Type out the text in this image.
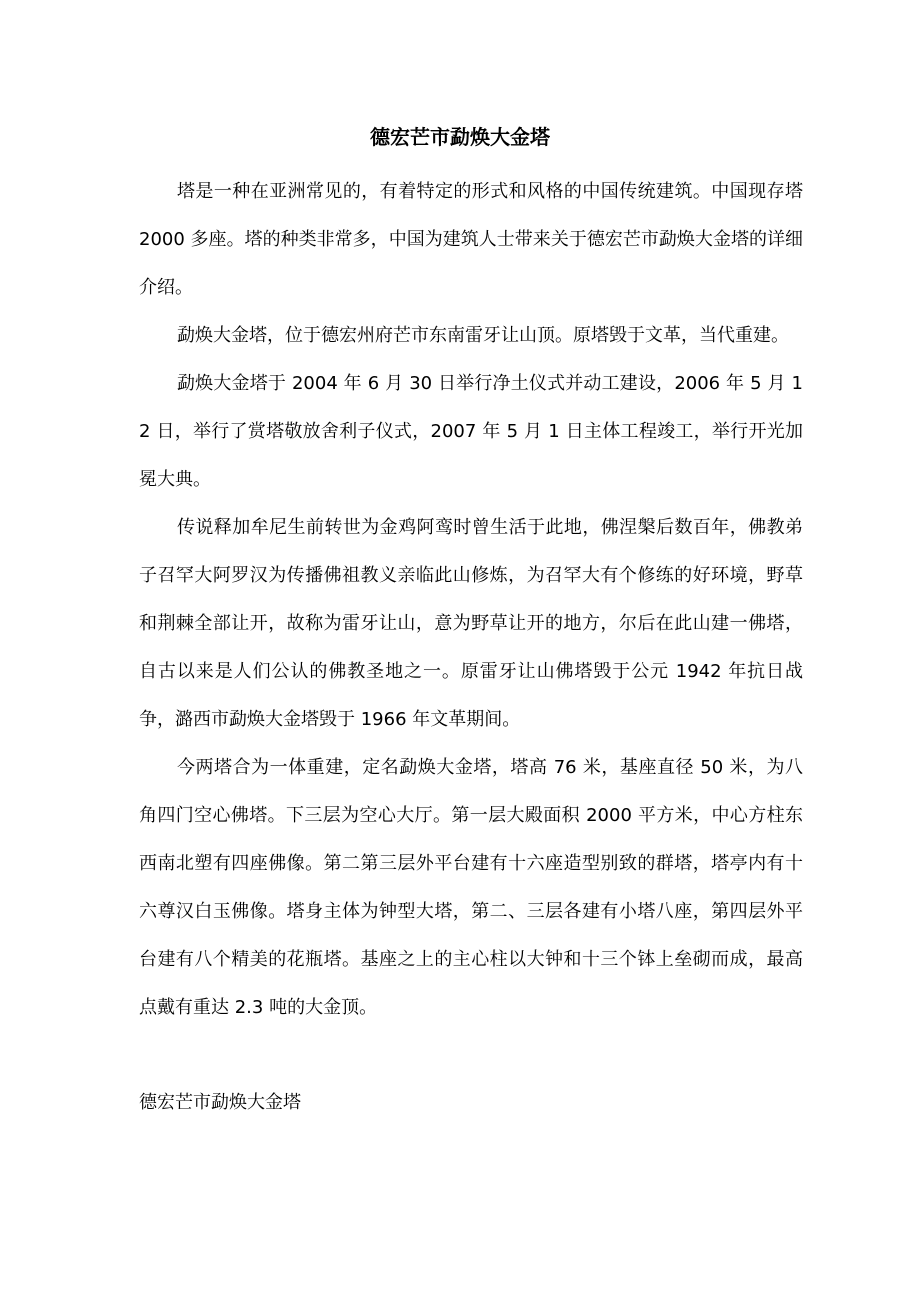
德宏芒市勐焕大金塔

塔是一种在亚洲常见的，有着特定的形式和风格的中国传统建筑。中国现存塔 2000 多座。塔的种类非常多，中国为建筑人士带来关于德宏芒市勐焕大金塔的详细介绍。

勐焕大金塔，位于德宏州府芒市东南雷牙让山顶。原塔毁于文革，当代重建。

勐焕大金塔于 2004 年 6 月 30 日举行净土仪式并动工建设，2006 年 5 月 12 日，举行了赏塔敬放舍利子仪式，2007 年 5 月 1 日主体工程竣工，举行开光加冕大典。

传说释加牟尼生前转世为金鸡阿鸾时曾生活于此地，佛涅槃后数百年，佛教弟子召罕大阿罗汉为传播佛祖教义亲临此山修炼，为召罕大有个修练的好环境，野草和荆棘全部让开，故称为雷牙让山，意为野草让开的地方，尔后在此山建一佛塔，自古以来是人们公认的佛教圣地之一。原雷牙让山佛塔毁于公元 1942 年抗日战争，潞西市勐焕大金塔毁于 1966 年文革期间。

今两塔合为一体重建，定名勐焕大金塔，塔高 76 米，基座直径 50 米，为八角四门空心佛塔。下三层为空心大厅。第一层大殿面积 2000 平方米，中心方柱东西南北塑有四座佛像。第二第三层外平台建有十六座造型别致的群塔，塔亭内有十六尊汉白玉佛像。塔身主体为钟型大塔，第二、三层各建有小塔八座，第四层外平台建有八个精美的花瓶塔。基座之上的主心柱以大钟和十三个钵上垒砌而成，最高点戴有重达 2.3 吨的大金顶。

德宏芒市勐焕大金塔
